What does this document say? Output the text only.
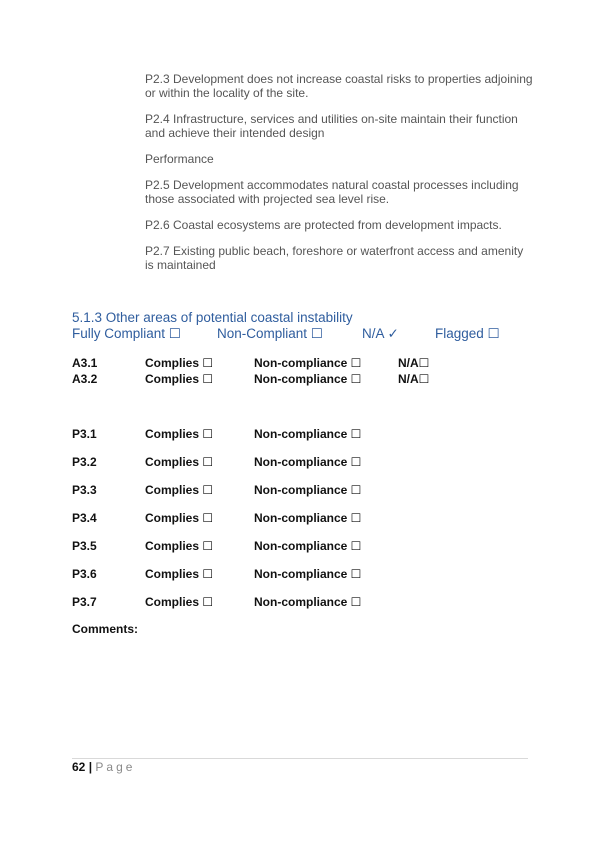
P2.3 Development does not increase coastal risks to properties adjoining or within the locality of the site.
P2.4 Infrastructure, services and utilities on-site maintain their function and achieve their intended design
Performance
P2.5 Development accommodates natural coastal processes including those associated with projected sea level rise.
P2.6 Coastal ecosystems are protected from development impacts.
P2.7 Existing public beach, foreshore or waterfront access and amenity is maintained
5.1.3 Other areas of potential coastal instability
Fully Compliant ☐	Non-Compliant ☐	N/A ✓	Flagged ☐
A3.1	Complies ☐	Non-compliance ☐	N/A☐
A3.2	Complies ☐	Non-compliance ☐	N/A☐
P3.1	Complies ☐	Non-compliance ☐
P3.2	Complies ☐	Non-compliance ☐
P3.3	Complies ☐	Non-compliance ☐
P3.4	Complies ☐	Non-compliance ☐
P3.5	Complies ☐	Non-compliance ☐
P3.6	Complies ☐	Non-compliance ☐
P3.7	Complies ☐	Non-compliance ☐
Comments:
62 | Page
